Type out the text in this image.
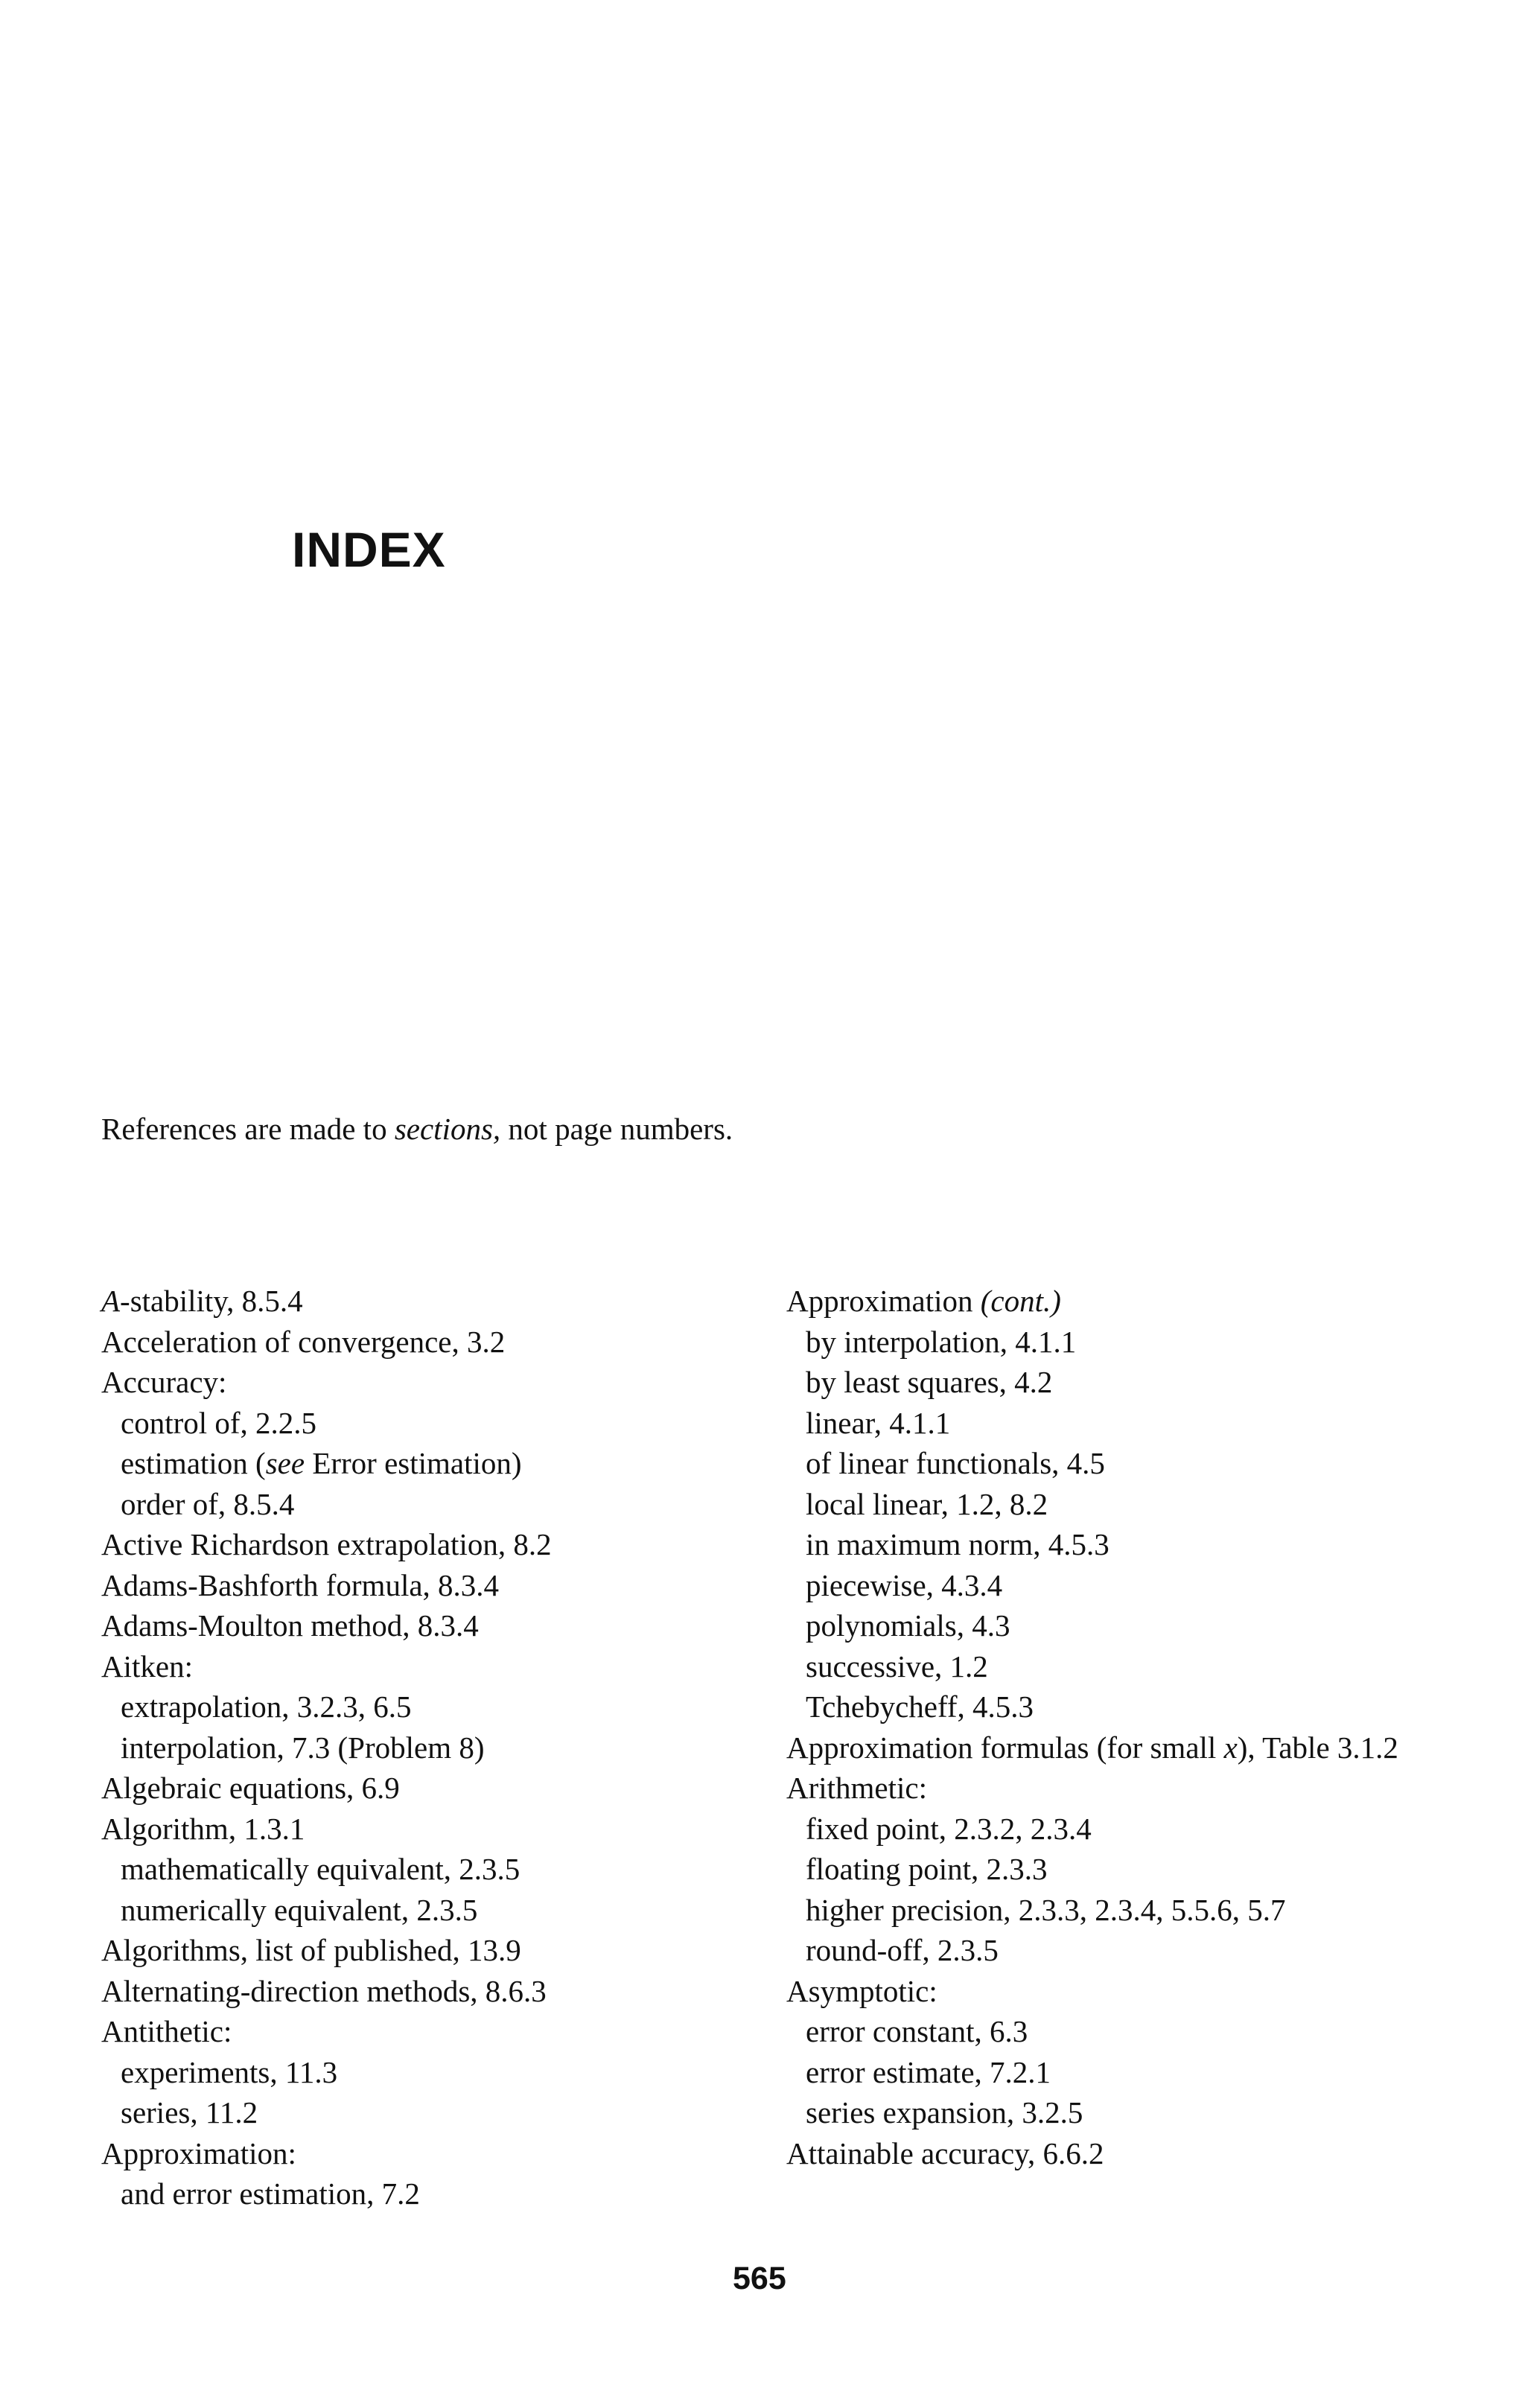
INDEX
References are made to sections, not page numbers.
A-stability, 8.5.4
Acceleration of convergence, 3.2
Accuracy:
control of, 2.2.5
estimation (see Error estimation)
order of, 8.5.4
Active Richardson extrapolation, 8.2
Adams-Bashforth formula, 8.3.4
Adams-Moulton method, 8.3.4
Aitken:
extrapolation, 3.2.3, 6.5
interpolation, 7.3 (Problem 8)
Algebraic equations, 6.9
Algorithm, 1.3.1
mathematically equivalent, 2.3.5
numerically equivalent, 2.3.5
Algorithms, list of published, 13.9
Alternating-direction methods, 8.6.3
Antithetic:
experiments, 11.3
series, 11.2
Approximation:
and error estimation, 7.2
Approximation (cont.)
by interpolation, 4.1.1
by least squares, 4.2
linear, 4.1.1
of linear functionals, 4.5
local linear, 1.2, 8.2
in maximum norm, 4.5.3
piecewise, 4.3.4
polynomials, 4.3
successive, 1.2
Tchebycheff, 4.5.3
Approximation formulas (for small x), Table 3.1.2
Arithmetic:
fixed point, 2.3.2, 2.3.4
floating point, 2.3.3
higher precision, 2.3.3, 2.3.4, 5.5.6, 5.7
round-off, 2.3.5
Asymptotic:
error constant, 6.3
error estimate, 7.2.1
series expansion, 3.2.5
Attainable accuracy, 6.6.2
565
